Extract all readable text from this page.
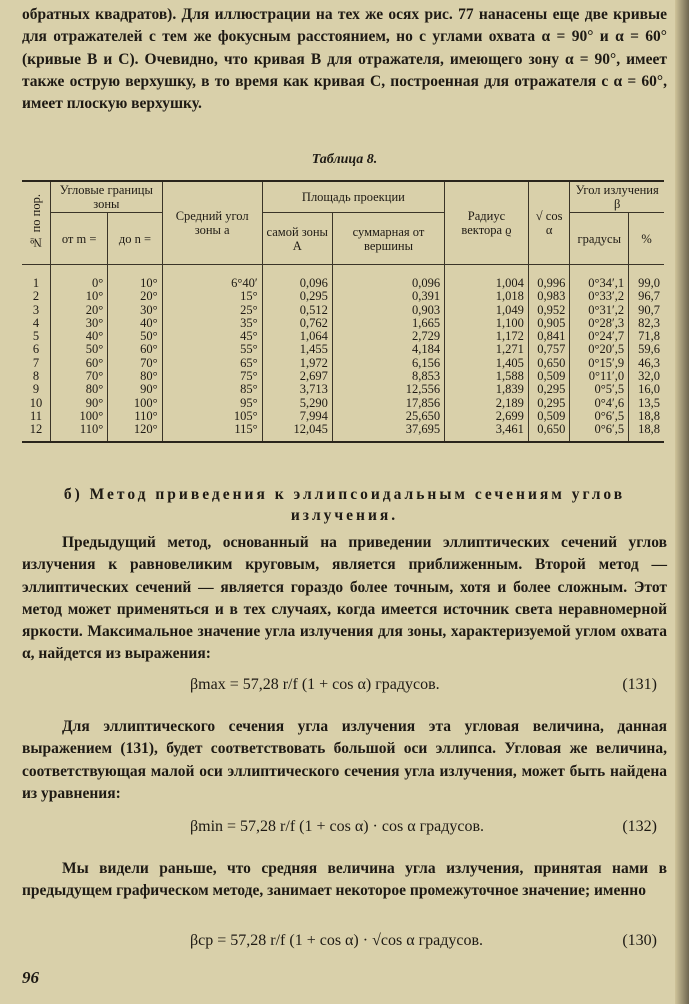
обратных квадратов). Для иллюстрации на тех же осях рис. 77 нанасены еще две кривые для отражателей с тем же фокусным расстоянием, но с углами охвата α = 90° и α = 60° (кривые B и C). Очевидно, что кривая B для отражателя, имеющего зону α = 90°, имеет также острую верхушку, в то время как кривая C, построенная для отражателя с α = 60°, имеет плоскую верхушку.
Таблица 8.
№ по пор.	Угловые границы зоны		Средний угол зоны a	Площадь проекции		Радиус вектора ϱ	√ cos α	Угол излучения β	
	от m =	до n =		самой зоны A	суммарная от вершины			градусы	%
1	0°	10°	6°40′	0,096	0,096	1,004	0,996	0°34′,1	99,0
2	10°	20°	15°	0,295	0,391	1,018	0,983	0°33′,2	96,7
3	20°	30°	25°	0,512	0,903	1,049	0,952	0°31′,2	90,7
4	30°	40°	35°	0,762	1,665	1,100	0,905	0°28′,3	82,3
5	40°	50°	45°	1,064	2,729	1,172	0,841	0°24′,7	71,8
6	50°	60°	55°	1,455	4,184	1,271	0,757	0°20′,5	59,6
7	60°	70°	65°	1,972	6,156	1,405	0,650	0°15′,9	46,3
8	70°	80°	75°	2,697	8,853	1,588	0,509	0°11′,0	32,0
9	80°	90°	85°	3,713	12,556	1,839	0,295	0°5′,5	16,0
10	90°	100°	95°	5,290	17,856	2,189	0,295	0°4′,6	13,5
11	100°	110°	105°	7,994	25,650	2,699	0,509	0°6′,5	18,8
12	110°	120°	115°	12,045	37,695	3,461	0,650	0°6′,5	18,8
б) Метод приведения к эллипсоидальным сечениям углов излучения.
Предыдущий метод, основанный на приведении эллиптических сечений углов излучения к равновеликим круговым, является приближенным. Второй метод — эллиптических сечений — является гораздо более точным, хотя и более сложным. Этот метод может применяться и в тех случаях, когда имеется источник света неравномерной яркости. Максимальное значение угла излучения для зоны, характеризуемой углом охвата α, найдется из выражения:
βmax = 57,28 r/f (1 + cos α) градусов.	(131)
Для эллиптического сечения угла излучения эта угловая величина, данная выражением (131), будет соответствовать большой оси эллипса. Угловая же величина, соответствующая малой оси эллиптического сечения угла излучения, может быть найдена из уравнения:
βmin = 57,28 r/f (1 + cos α) · cos α градусов.	(132)
Мы видели раньше, что средняя величина угла излучения, принятая нами в предыдущем графическом методе, занимает некоторое промежуточное значение; именно
βср = 57,28 r/f (1 + cos α) · √cos α градусов.	(130)
96
